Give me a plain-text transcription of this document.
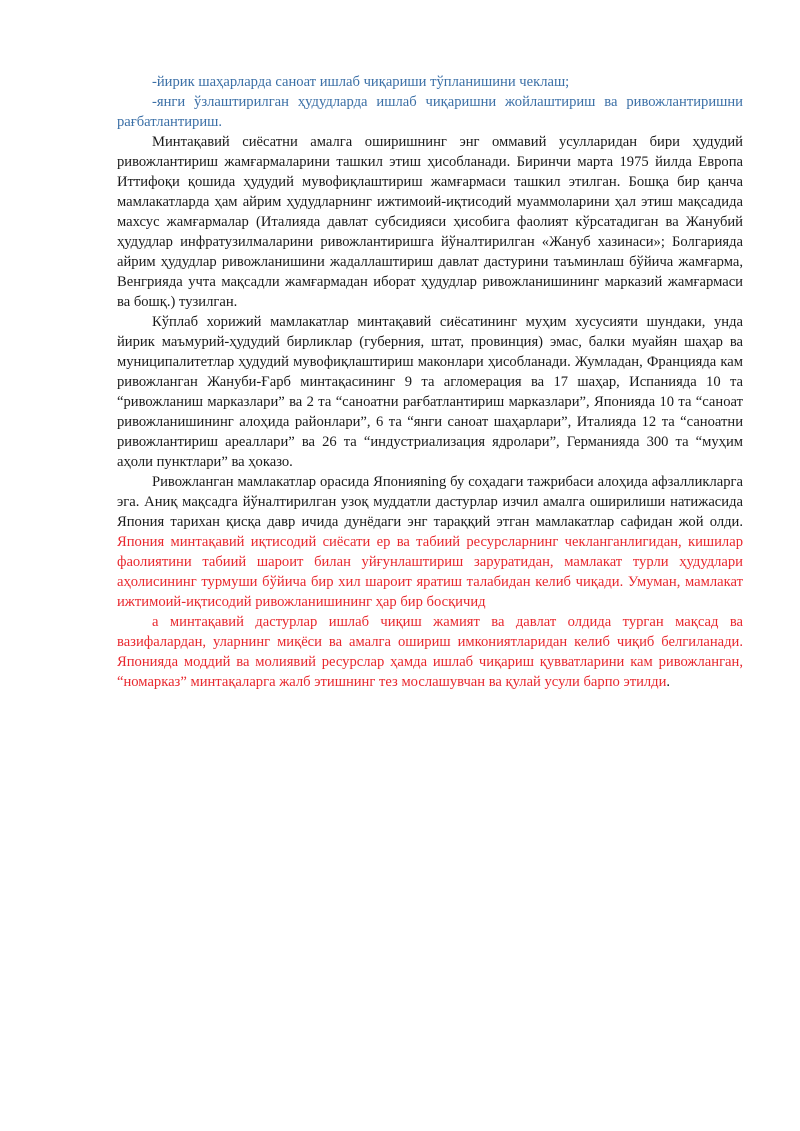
-йирик шаҳарларда саноат ишлаб чиқариши тўпланишини чеклаш;

-янги ўзлаштирилган ҳудудларда ишлаб чиқаришни жойлаштириш ва ривожлантиришни рағбатлантириш.

Минтақавий сиёсатни амалга оширишнинг энг оммавий усулларидан бири ҳудудий ривожлантириш жамғармаларини ташкил этиш ҳисобланади. Биринчи марта 1975 йилда Европа Иттифоқи қошида ҳудудий мувофиқлаштириш жамғармаси ташкил этилган. Бошқа бир қанча мамлакатларда ҳам айрим ҳудудларнинг ижтимоий-иқтисодий муаммоларини ҳал этиш мақсадида махсус жамғармалар (Италияда давлат субсидияси ҳисобига фаолият кўрсатадиган ва Жанубий ҳудудлар инфратузилмаларини ривожлантиришга йўналтирилган «Жануб хазинаси»; Болгарияда айрим ҳудудлар ривожланишини жадаллаштириш давлат дастурини таъминлаш бўйича жамғарма, Венгрияда учта мақсадли жамғармадан иборат ҳудудлар ривожланишининг марказий жамғармаси ва бошқ.) тузилган.

Кўплаб хорижий мамлакатлар минтақавий сиёсатининг муҳим хусусияти шундаки, унда йирик маъмурий-ҳудудий бирликлар (губерния, штат, провинция) эмас, балки муайян шаҳар ва муниципалитетлар ҳудудий мувофиқлаштириш маконлари ҳисобланади. Жумладан, Францияда кам ривожланган Жануби-Ғарб минтақасининг 9 та агломерация ва 17 шаҳар, Испанияда 10 та “ривожланиш марказлари” ва 2 та “саноатни рағбатлантириш марказлари”, Японияда 10 та “саноат ривожланишининг алоҳида районлари”, 6 та “янги саноат шаҳарлари”, Италияда 12 та “саноатни ривожлантириш ареаллари” ва 26 та “индустриализация ядролари”, Германияда 300 та “муҳим аҳоли пунктлари” ва ҳоказо.

Ривожланган мамлакатлар орасида Японияning бу соҳадаги тажрибаси алоҳида афзалликларга эга. Аниқ мақсадга йўналтирилган узоқ муддатли дастурлар изчил амалга оширилиши натижасида Япония тарихан қисқа давр ичида дунёдаги энг тараққий этган мамлакатлар сафидан жой олди. Япония минтақавий иқтисодий сиёсати ер ва табиий ресурсларнинг чекланганлигидан, кишилар фаолиятини табиий шароит билан уйғунлаштириш заруратидан, мамлакат турли ҳудудлари аҳолисининг турмуши бўйича бир хил шароит яратиш талабидан келиб чиқади. Умуман, мамлакат ижтимоий-иқтисодий ривожланишининг ҳар бир босқичид

а минтақавий дастурлар ишлаб чиқиш жамият ва давлат олдида турган мақсад ва вазифалардан, уларнинг миқёси ва амалга ошириш имкониятларидан келиб чиқиб белгиланади. Японияда моддий ва молиявий ресурслар ҳамда ишлаб чиқариш қувватларини кам ривожланган, “номарказ” минтақаларга жалб этишнинг тез мослашувчан ва қулай усули барпо этилди.
